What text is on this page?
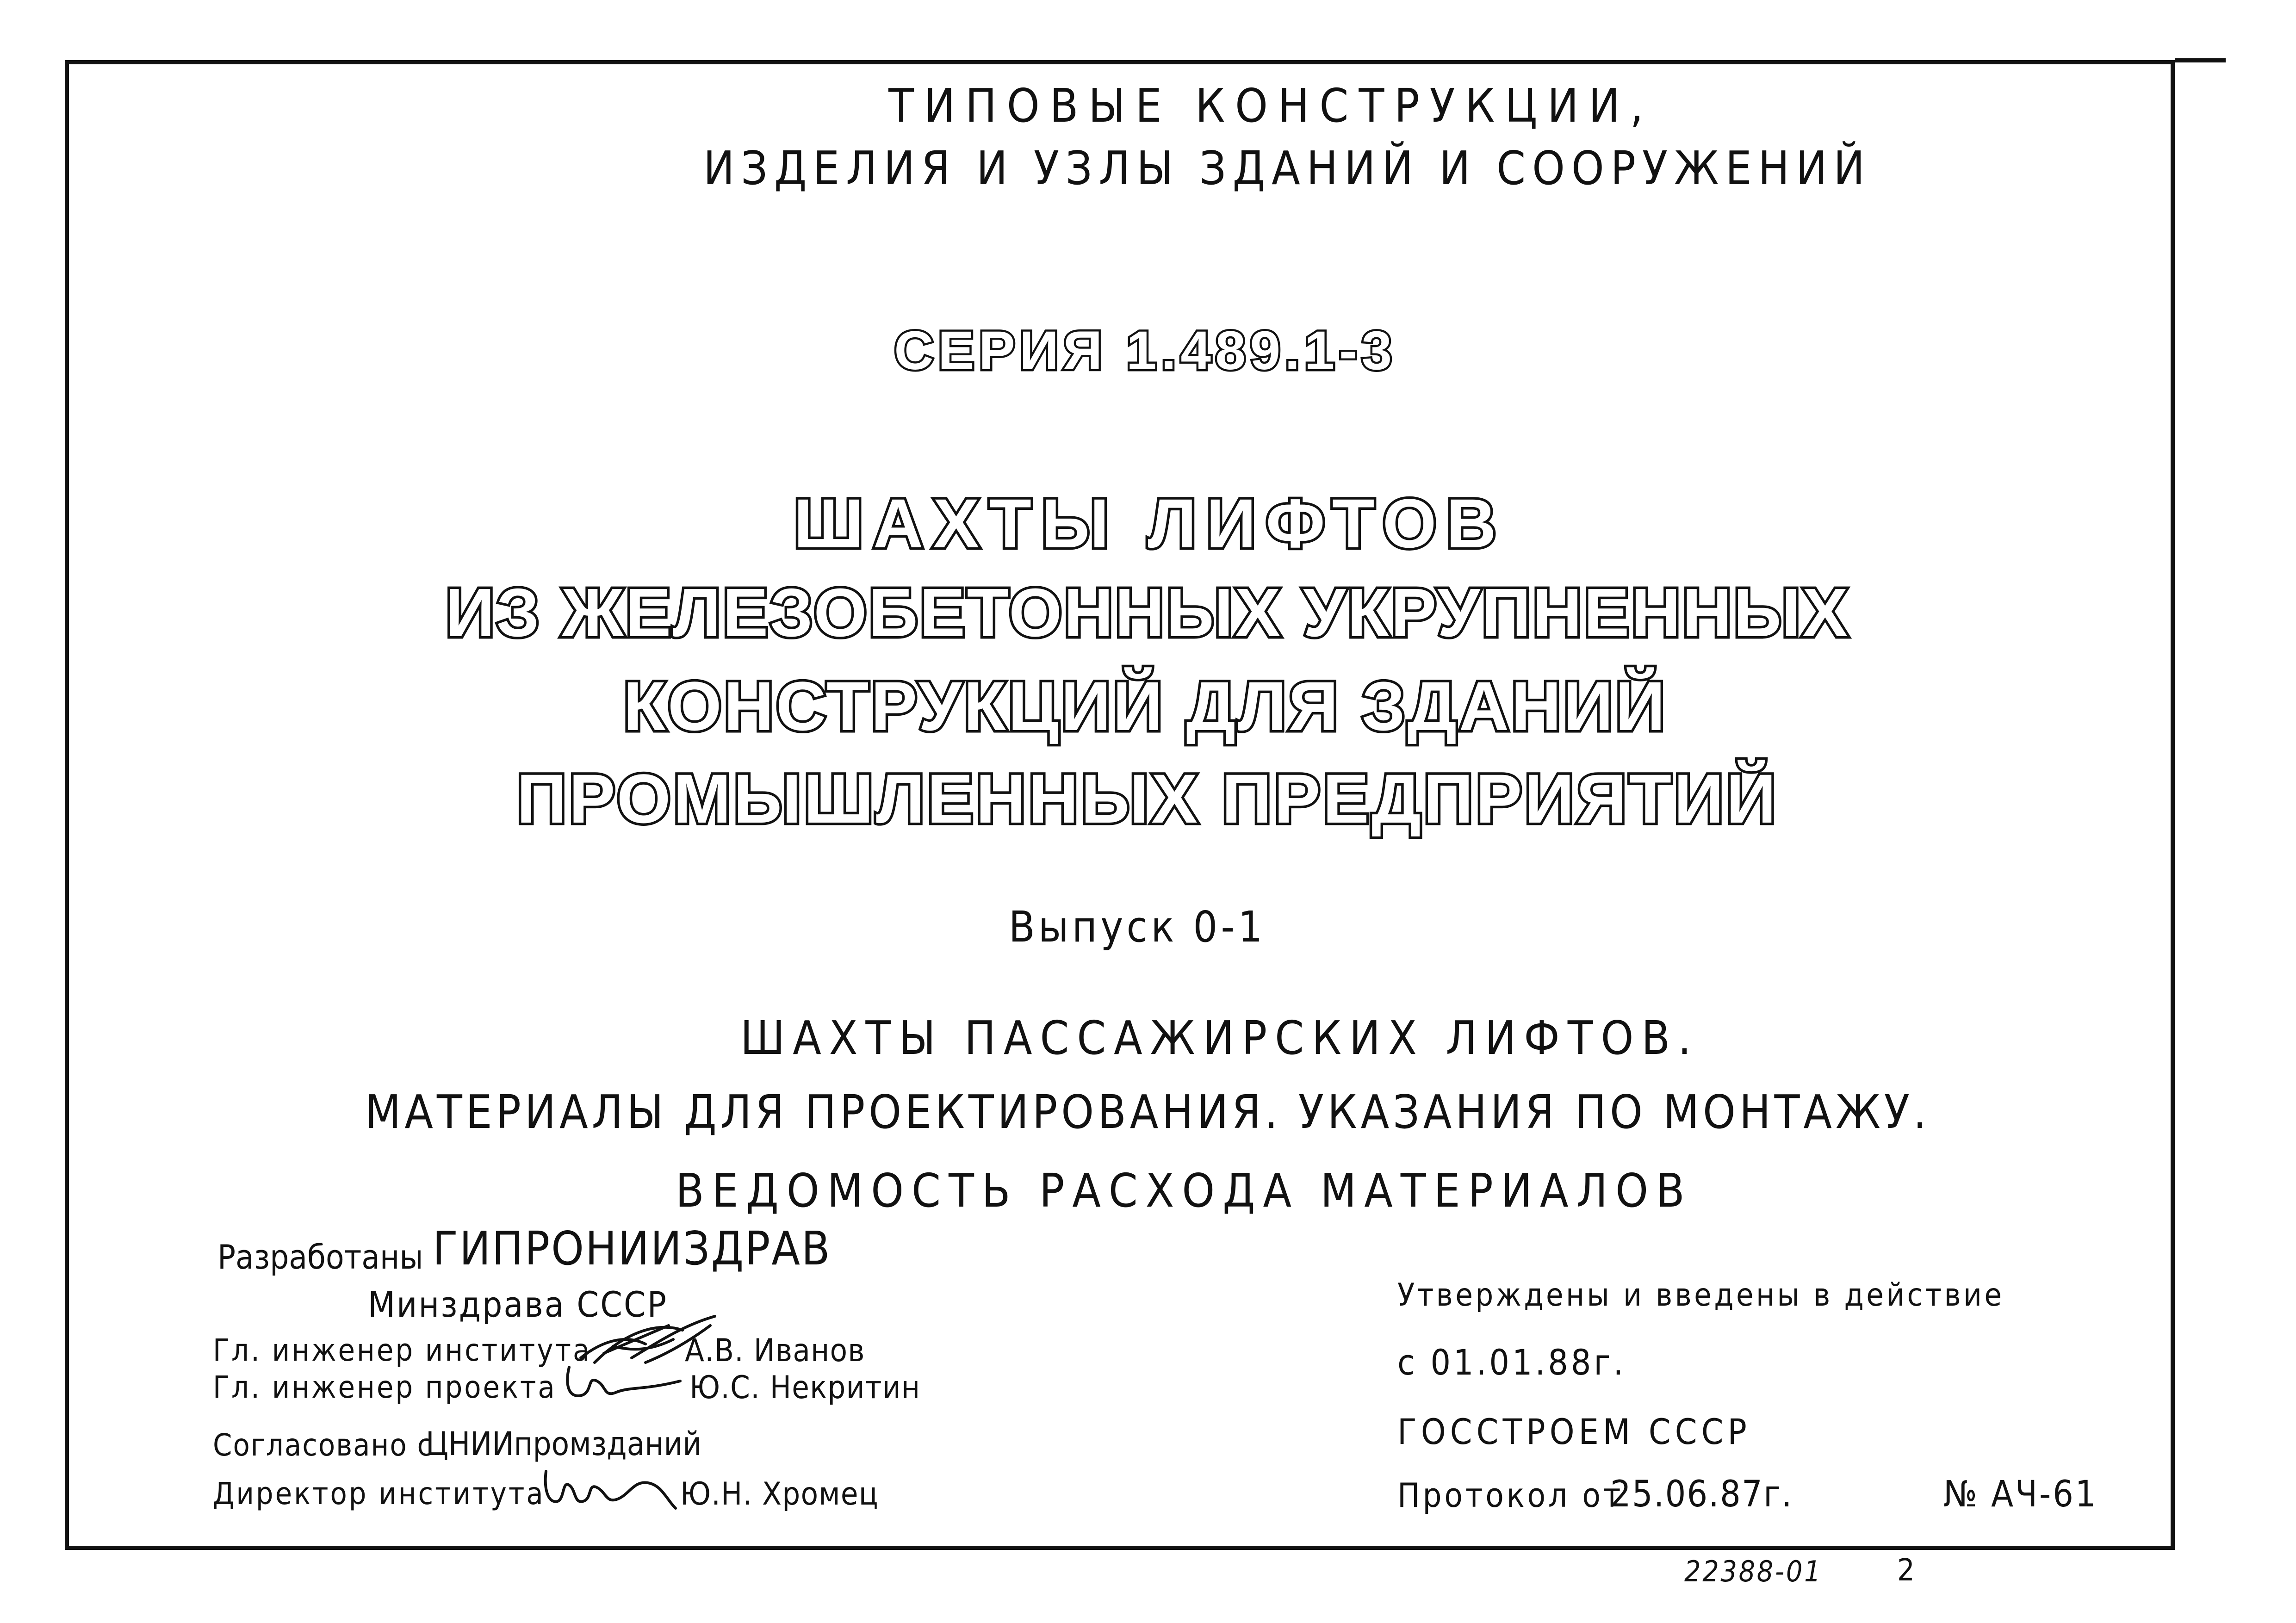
ТИПОВЫЕ КОНСТРУКЦИИ,
ИЗДЕЛИЯ И УЗЛЫ ЗДАНИЙ И СООРУЖЕНИЙ
СЕРИЯ 1.489.1-3
ШАХТЫ ЛИФТОВ
ИЗ ЖЕЛЕЗОБЕТОННЫХ УКРУПНЕННЫХ
КОНСТРУКЦИЙ ДЛЯ ЗДАНИЙ
ПРОМЫШЛЕННЫХ ПРЕДПРИЯТИЙ
Выпуск 0-1
ШАХТЫ ПАССАЖИРСКИХ ЛИФТОВ.
МАТЕРИАЛЫ ДЛЯ ПРОЕКТИРОВАНИЯ. УКАЗАНИЯ ПО МОНТАЖУ.
ВЕДОМОСТЬ РАСХОДА МАТЕРИАЛОВ
Разработаны ГИПРОНИИЗДРАВ
Минздрава СССР
Гл. инженер института	А.В. Иванов
Гл. инженер проекта	Ю.С. Некритин
Согласовано с
ЦНИИпромзданий
Директор института	Ю.Н. Хромец
Утверждены и введены в действие
с 01.01.88г.
ГОССТРОЕМ СССР
Протокол от
25.06.87г.	№ АЧ-61
22388-01 2
